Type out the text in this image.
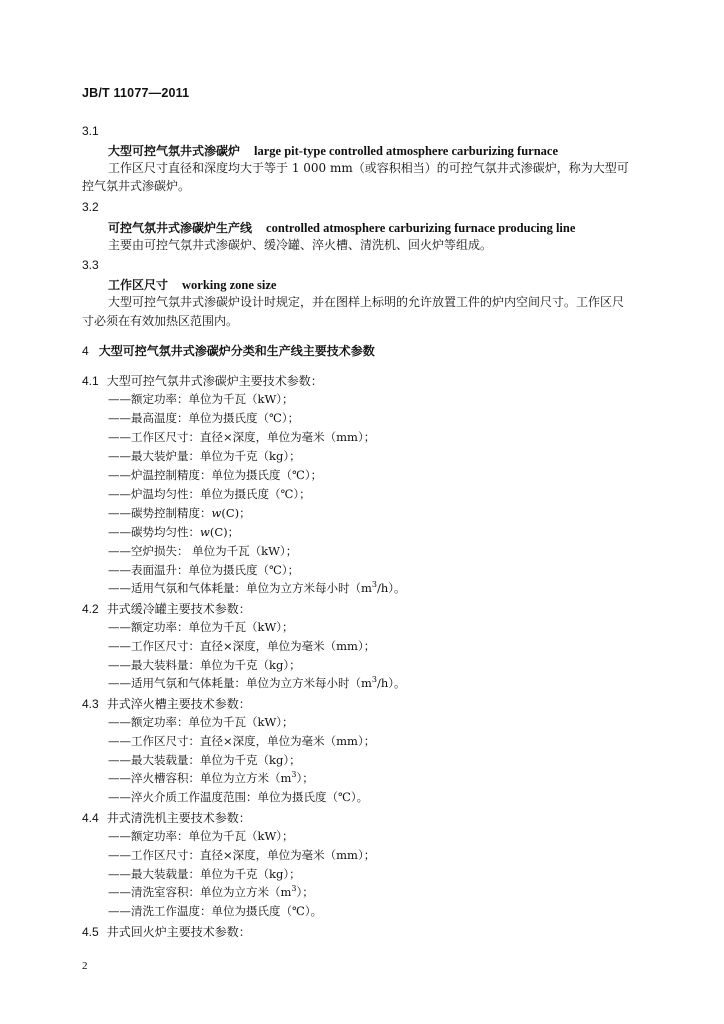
JB/T 11077—2011
3.1
大型可控气氛井式渗碳炉 large pit-type controlled atmosphere carburizing furnace
工作区尺寸直径和深度均大于等于 1 000 mm（或容积相当）的可控气氛井式渗碳炉，称为大型可
控气氛井式渗碳炉。
3.2
可控气氛井式渗碳炉生产线 controlled atmosphere carburizing furnace producing line
主要由可控气氛井式渗碳炉、缓冷罐、淬火槽、清洗机、回火炉等组成。
3.3
工作区尺寸 working zone size
大型可控气氛井式渗碳炉设计时规定，并在图样上标明的允许放置工件的炉内空间尺寸。工作区尺
寸必须在有效加热区范围内。
4 大型可控气氛井式渗碳炉分类和生产线主要技术参数
4.1 大型可控气氛井式渗碳炉主要技术参数：
——额定功率：单位为千瓦（kW）；
——最高温度：单位为摄氏度（℃）；
——工作区尺寸：直径×深度，单位为毫米（mm）；
——最大装炉量：单位为千克（kg）；
——炉温控制精度：单位为摄氏度（℃）；
——炉温均匀性：单位为摄氏度（℃）；
——碳势控制精度：w(C)；
——碳势均匀性：w(C)；
——空炉损失： 单位为千瓦（kW）；
——表面温升：单位为摄氏度（℃）；
——适用气氛和气体耗量：单位为立方米每小时$(m^3/h)$。
4.2 井式缓冷罐主要技术参数：
——额定功率：单位为千瓦（kW）；
——工作区尺寸：直径×深度，单位为毫米（mm）；
——最大装料量：单位为千克（kg）；
——适用气氛和气体耗量：单位为立方米每小时$(m^3/h)$。
4.3 井式淬火槽主要技术参数：
——额定功率：单位为千瓦（kW）；
——工作区尺寸：直径×深度，单位为毫米（mm）；
——最大装载量：单位为千克（kg）；
——淬火槽容积：单位为立方米$(m^3)$；
——淬火介质工作温度范围：单位为摄氏度（℃）。
4.4 井式清洗机主要技术参数：
——额定功率：单位为千瓦（kW）；
——工作区尺寸：直径×深度，单位为毫米（mm）；
——最大装载量：单位为千克（kg）；
——清洗室容积：单位为立方米$(m^3)$；
——清洗工作温度：单位为摄氏度（℃）。
4.5 井式回火炉主要技术参数：
2
